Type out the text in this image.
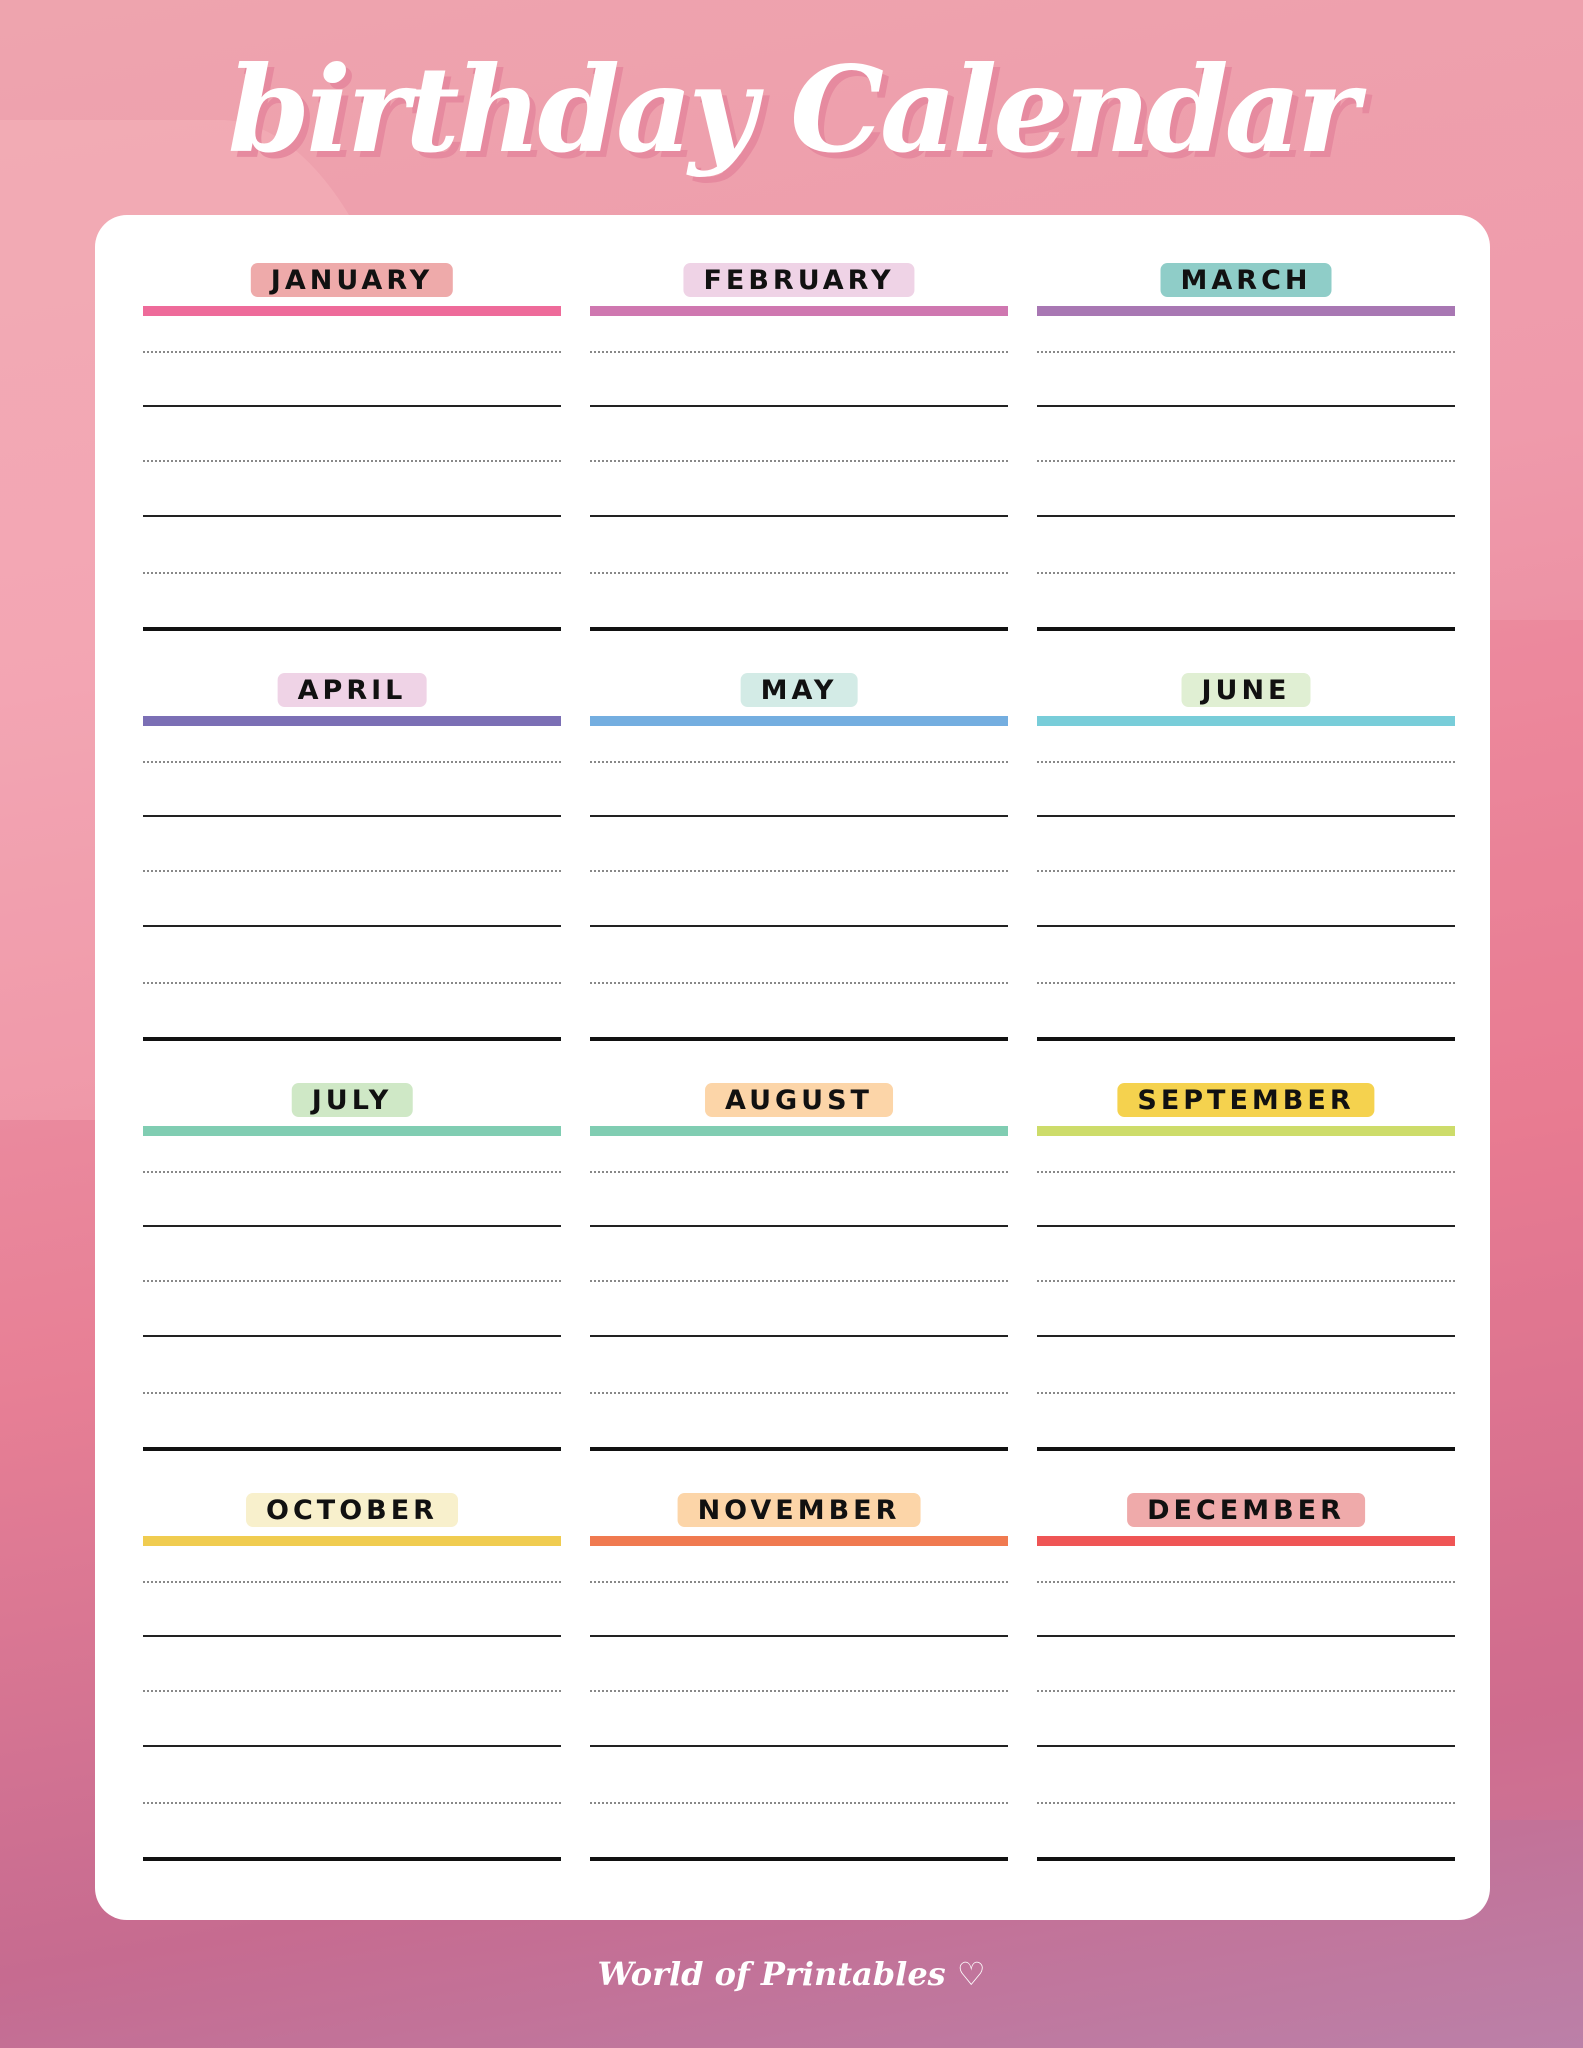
birthday Calendar
JANUARY	FEBRUARY	MARCH
APRIL	MAY	JUNE
JULY	AUGUST	SEPTEMBER
OCTOBER	NOVEMBER	DECEMBER
World of Printables ♡
